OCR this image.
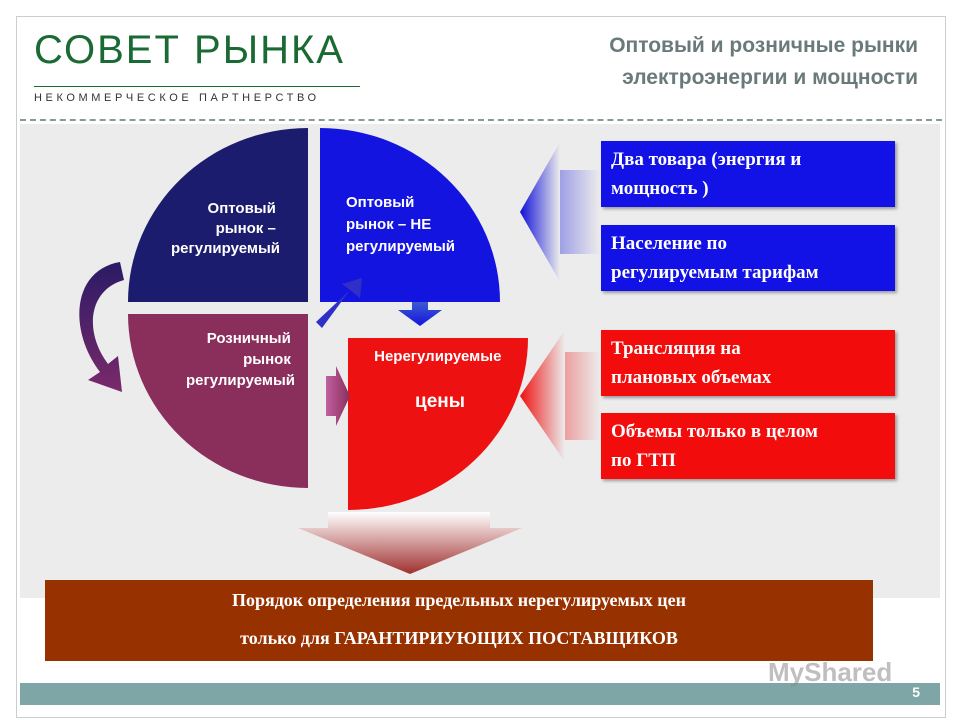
СОВЕТ РЫНКА
НЕКОММЕРЧЕСКОЕ ПАРТНЕРСТВО
Оптовый и розничные рынки
электроэнергии и мощности
Оптовый рынок – регулируемый
Оптовый рынок – НЕ регулируемый
Розничный рынок регулируемый
Нерегулируемые цены
Два товара (энергия и
мощность )
Население по
регулируемым тарифам
Трансляция на
плановых объемах
Объемы только в целом
по ГТП
Порядок определения предельных нерегулируемых цен
только для ГАРАНТИРИУЮЩИХ ПОСТАВЩИКОВ
5
MyShared
